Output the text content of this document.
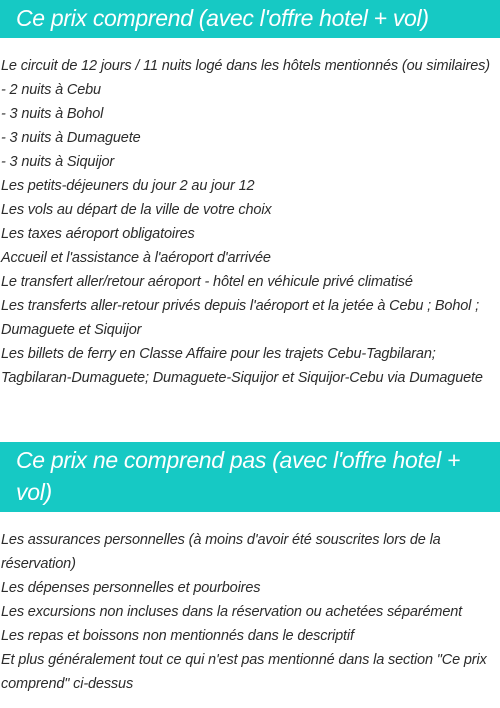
Ce prix comprend (avec l'offre hotel + vol)
Le circuit de 12 jours / 11 nuits logé dans les hôtels mentionnés (ou similaires)
- 2 nuits à Cebu
- 3 nuits à Bohol
- 3 nuits à Dumaguete
- 3 nuits à Siquijor
Les petits-déjeuners du jour 2 au jour 12
Les vols au départ de la ville de votre choix
Les taxes aéroport obligatoires
Accueil et l'assistance à l'aéroport d'arrivée
Le transfert aller/retour aéroport - hôtel en véhicule privé climatisé
Les transferts aller-retour privés depuis l'aéroport et la jetée à Cebu ; Bohol ; Dumaguete et Siquijor
Les billets de ferry en Classe Affaire pour les trajets Cebu-Tagbilaran; Tagbilaran-Dumaguete; Dumaguete-Siquijor et Siquijor-Cebu via Dumaguete
Ce prix ne comprend pas (avec l'offre hotel + vol)
Les assurances personnelles (à moins d'avoir été souscrites lors de la réservation)
Les dépenses personnelles et pourboires
Les excursions non incluses dans la réservation ou achetées séparément
Les repas et boissons non mentionnés dans le descriptif
Et plus généralement tout ce qui n'est pas mentionné dans la section "Ce prix comprend" ci-dessus
